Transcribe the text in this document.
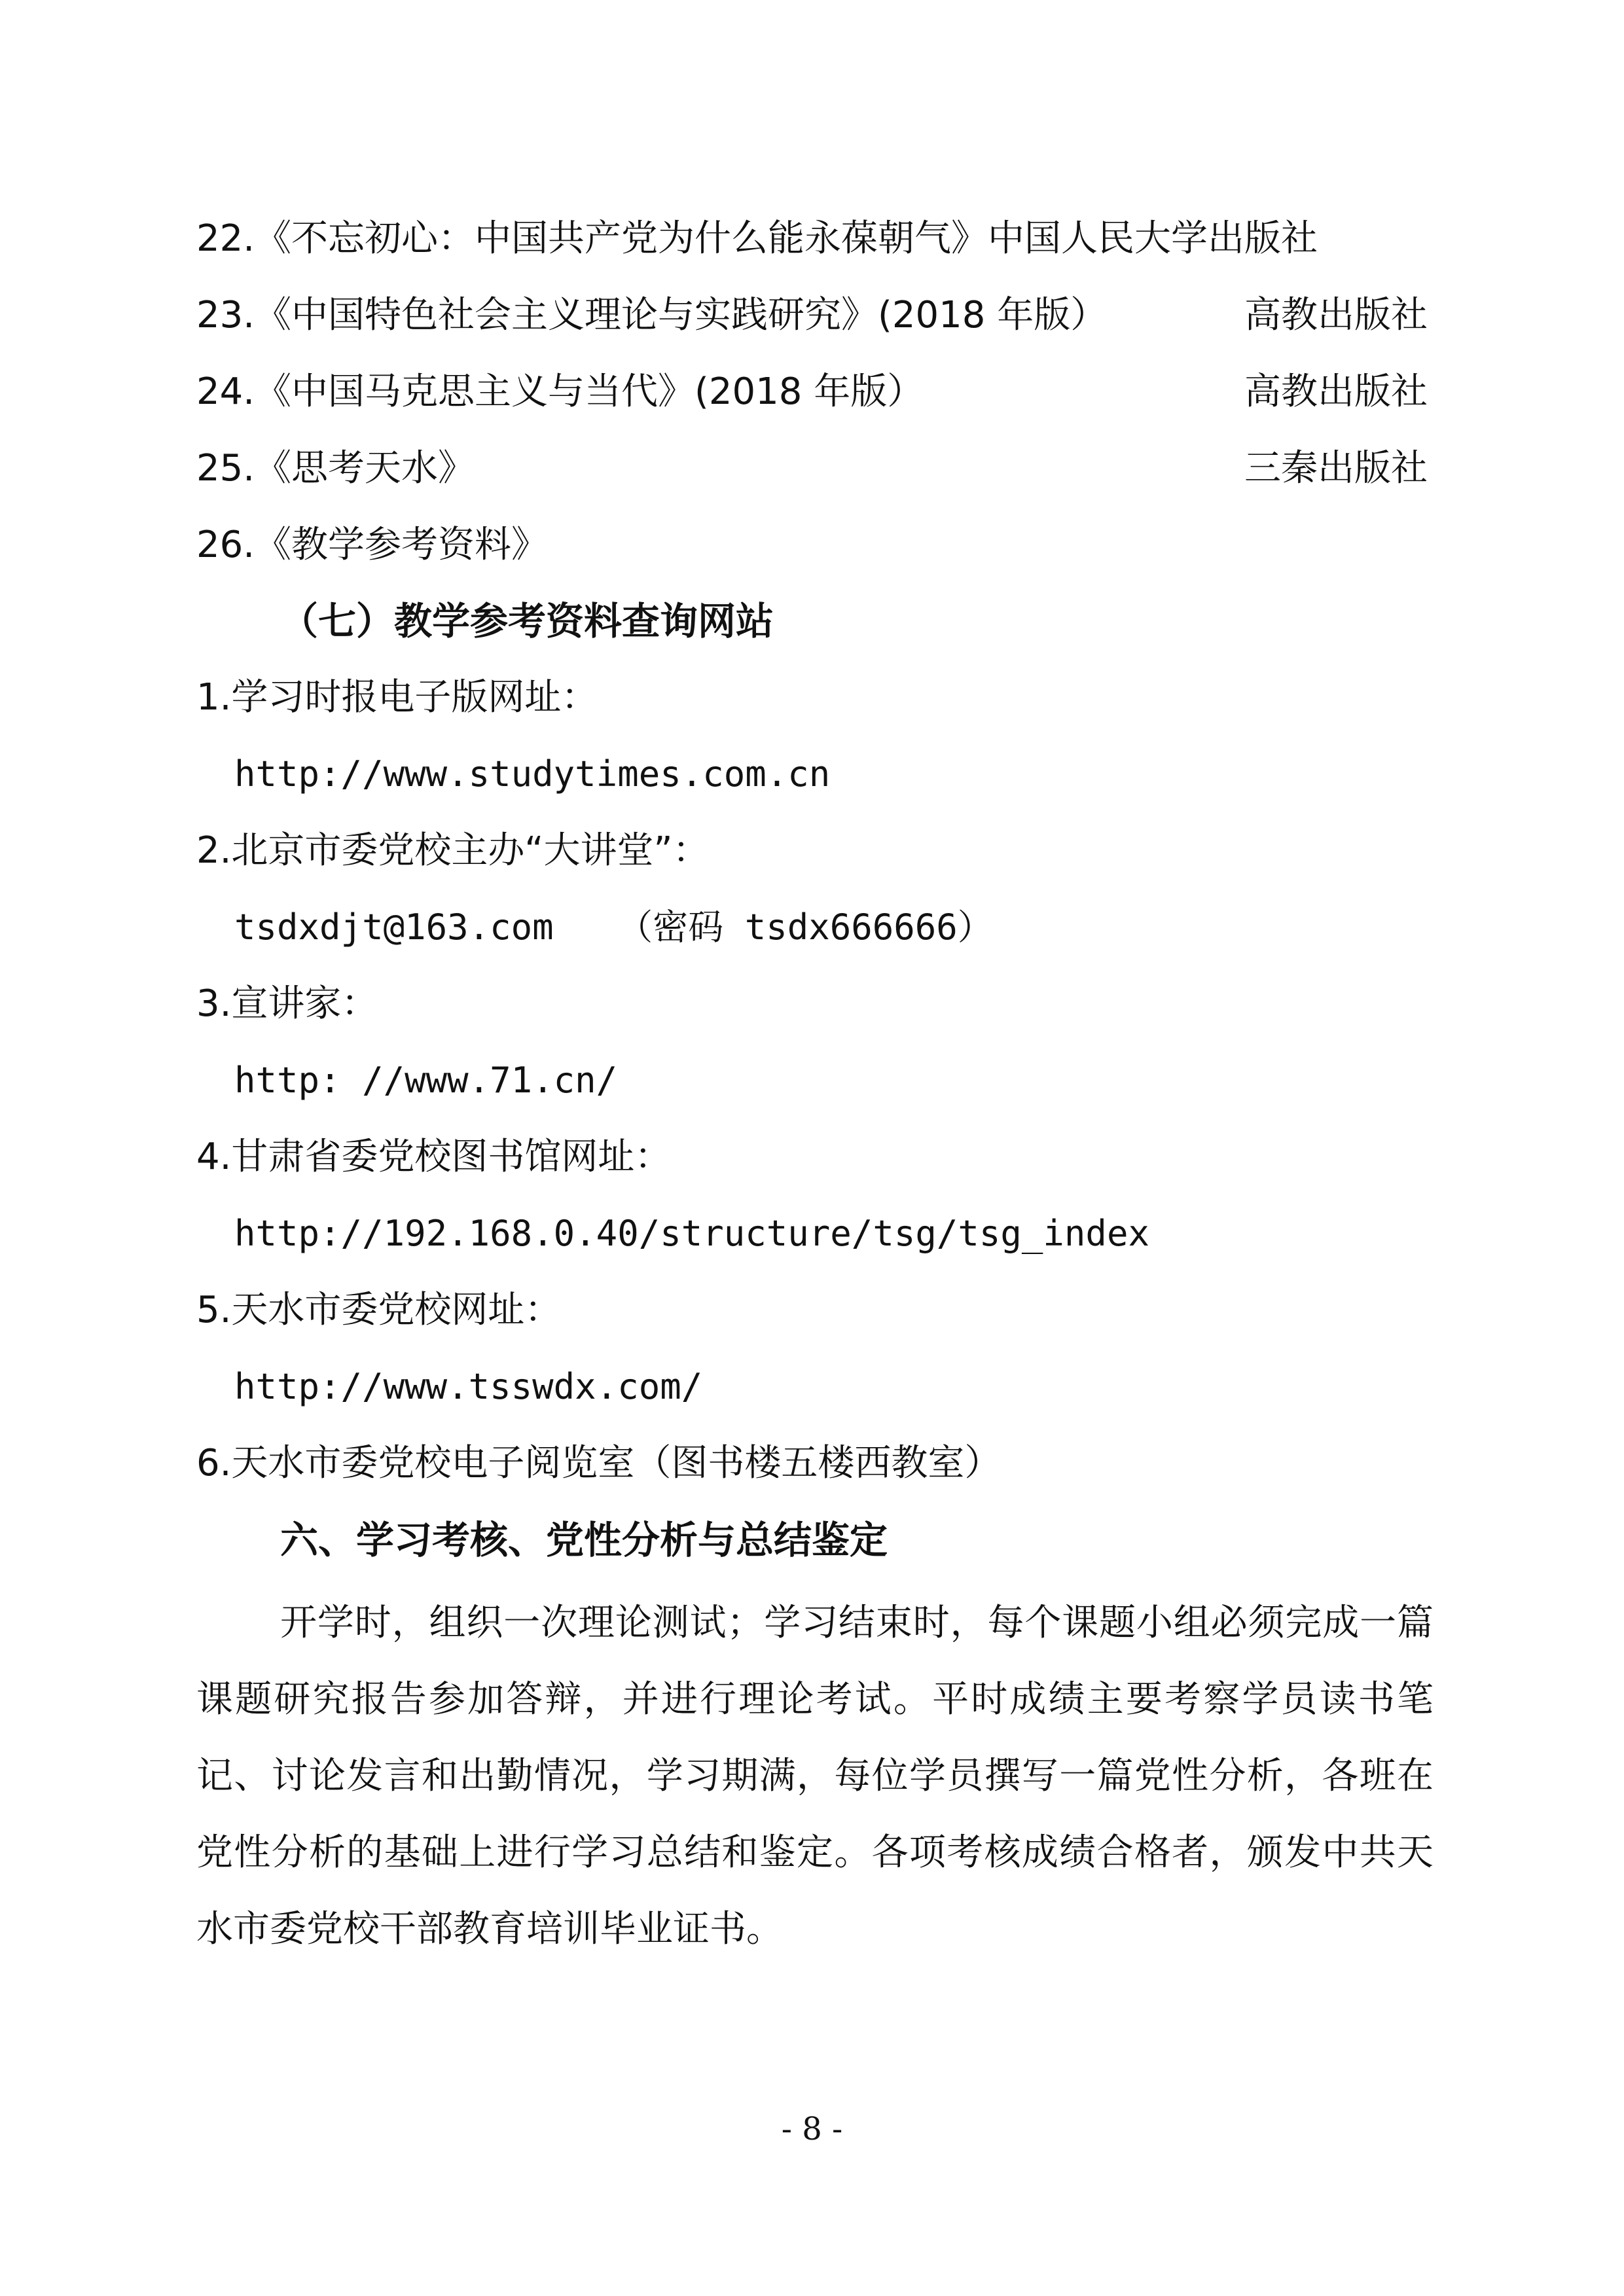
22.《不忘初心：中国共产党为什么能永葆朝气》中国人民大学出版社
23.《中国特色社会主义理论与实践研究》(2018 年版）	高教出版社
24.《中国马克思主义与当代》(2018 年版）	高教出版社
25.《思考天水》	三秦出版社
26.《教学参考资料》
（七）教学参考资料查询网站
1.学习时报电子版网址：
http://www.studytimes.com.cn
2.北京市委党校主办“大讲堂”：
tsdxdjt@163.com   （密码 tsdx666666）
3.宣讲家：
http: //www.71.cn/
4.甘肃省委党校图书馆网址：
http://192.168.0.40/structure/tsg/tsg_index
5.天水市委党校网址：
http://www.tsswdx.com/
6.天水市委党校电子阅览室（图书楼五楼西教室）
六、学习考核、党性分析与总结鉴定
开学时，组织一次理论测试；学习结束时，每个课题小组必须完成一篇课题研究报告参加答辩，并进行理论考试。平时成绩主要考察学员读书笔记、讨论发言和出勤情况，学习期满，每位学员撰写一篇党性分析，各班在党性分析的基础上进行学习总结和鉴定。各项考核成绩合格者，颁发中共天水市委党校干部教育培训毕业证书。
- 8 -
